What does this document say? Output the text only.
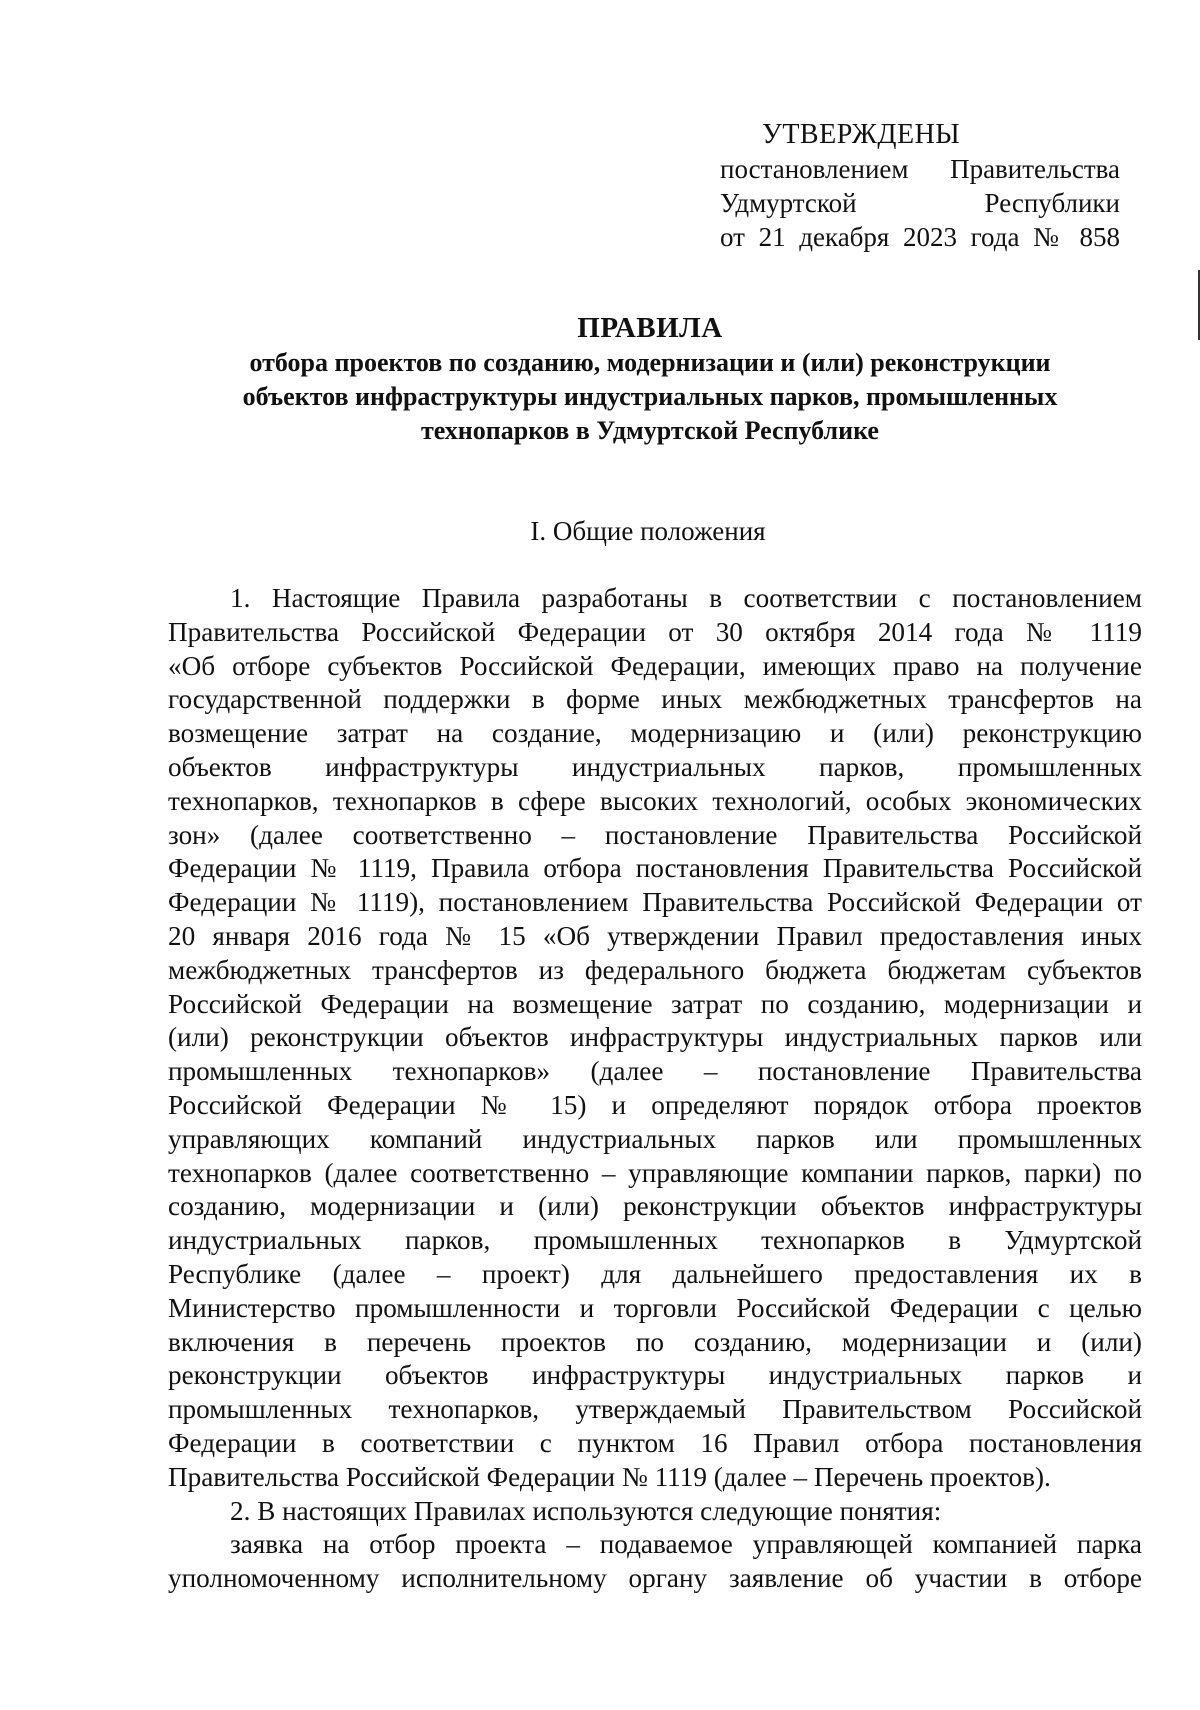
УТВЕРЖДЕНЫ
постановлением Правительства
Удмуртской Республики
от 21 декабря 2023 года № 858
ПРАВИЛА
отбора проектов по созданию, модернизации и (или) реконструкции
объектов инфраструктуры индустриальных парков, промышленных
технопарков в Удмуртской Республике
I. Общие положения
1. Настоящие Правила разработаны в соответствии с постановлением
Правительства Российской Федерации от 30 октября 2014 года № 1119
«Об отборе субъектов Российской Федерации, имеющих право на получение
государственной поддержки в форме иных межбюджетных трансфертов на
возмещение затрат на создание, модернизацию и (или) реконструкцию
объектов инфраструктуры индустриальных парков, промышленных
технопарков, технопарков в сфере высоких технологий, особых экономических
зон» (далее соответственно – постановление Правительства Российской
Федерации № 1119, Правила отбора постановления Правительства Российской
Федерации № 1119), постановлением Правительства Российской Федерации от
20 января 2016 года № 15 «Об утверждении Правил предоставления иных
межбюджетных трансфертов из федерального бюджета бюджетам субъектов
Российской Федерации на возмещение затрат по созданию, модернизации и
(или) реконструкции объектов инфраструктуры индустриальных парков или
промышленных технопарков» (далее – постановление Правительства
Российской Федерации № 15) и определяют порядок отбора проектов
управляющих компаний индустриальных парков или промышленных
технопарков (далее соответственно – управляющие компании парков, парки) по
созданию, модернизации и (или) реконструкции объектов инфраструктуры
индустриальных парков, промышленных технопарков в Удмуртской
Республике (далее – проект) для дальнейшего предоставления их в
Министерство промышленности и торговли Российской Федерации с целью
включения в перечень проектов по созданию, модернизации и (или)
реконструкции объектов инфраструктуры индустриальных парков и
промышленных технопарков, утверждаемый Правительством Российской
Федерации в соответствии с пунктом 16 Правил отбора постановления
Правительства Российской Федерации № 1119 (далее – Перечень проектов).
2. В настоящих Правилах используются следующие понятия:
заявка на отбор проекта – подаваемое управляющей компанией парка
уполномоченному исполнительному органу заявление об участии в отборе
